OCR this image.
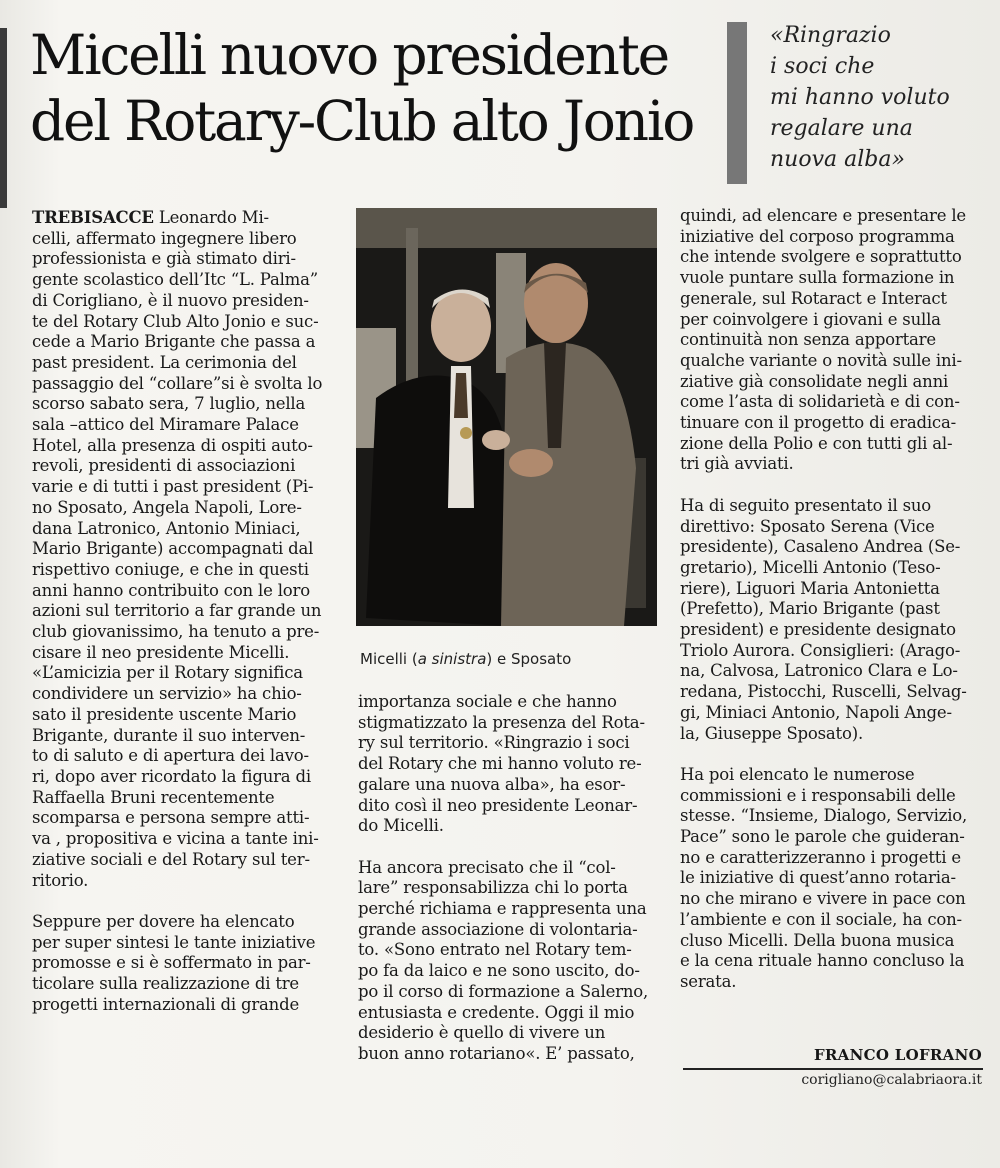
Micelli nuovo presidente
del Rotary-Club alto Jonio
«Ringrazio
i soci che
mi hanno voluto
regalare una
nuova alba»
TREBISACCE Leonardo Mi-
celli, affermato ingegnere libero
professionista e già stimato diri-
gente scolastico dell’Itc “L. Palma”
di Corigliano, è il nuovo presiden-
te del Rotary Club Alto Jonio e suc-
cede a Mario Brigante che passa a
past president. La cerimonia del
passaggio del “collare”si è svolta lo
scorso sabato sera, 7 luglio, nella
sala –attico del Miramare Palace
Hotel, alla presenza di ospiti auto-
revoli, presidenti di associazioni
varie e di tutti i past president (Pi-
no Sposato, Angela Napoli, Lore-
dana Latronico, Antonio Miniaci,
Mario Brigante) accompagnati dal
rispettivo coniuge, e che in questi
anni hanno contribuito con le loro
azioni sul territorio a far grande un
club giovanissimo, ha tenuto a pre-
cisare il neo presidente Micelli.
«L’amicizia per il Rotary significa
condividere un servizio» ha chio-
sato il presidente uscente Mario
Brigante, durante il suo interven-
to di saluto e di apertura dei lavo-
ri, dopo aver ricordato la figura di
Raffaella Bruni recentemente
scomparsa e persona sempre atti-
va , propositiva e vicina a tante ini-
ziative sociali e del Rotary sul ter-
ritorio.
Seppure per dovere ha elencato
per super sintesi le tante iniziative
promosse e si è soffermato in par-
ticolare sulla realizzazione di tre
progetti internazionali di grande
Micelli (a sinistra) e Sposato
importanza sociale e che hanno
stigmatizzato la presenza del Rota-
ry sul territorio. «Ringrazio i soci
del Rotary che mi hanno voluto re-
galare una nuova alba», ha esor-
dito così il neo presidente Leonar-
do Micelli.
Ha ancora precisato che il “col-
lare” responsabilizza chi lo porta
perché richiama e rappresenta una
grande associazione di volontaria-
to. «Sono entrato nel Rotary tem-
po fa da laico e ne sono uscito, do-
po il corso di formazione a Salerno,
entusiasta e credente. Oggi il mio
desiderio è quello di vivere un
buon anno rotariano«. E’ passato,
quindi, ad elencare e presentare le
iniziative del corposo programma
che intende svolgere e soprattutto
vuole puntare sulla formazione in
generale, sul Rotaract e Interact
per coinvolgere i giovani e sulla
continuità non senza apportare
qualche variante o novità sulle ini-
ziative già consolidate negli anni
come l’asta di solidarietà e di con-
tinuare con il progetto di eradica-
zione della Polio e con tutti gli al-
tri già avviati.
Ha di seguito presentato il suo
direttivo: Sposato Serena (Vice
presidente), Casaleno Andrea (Se-
gretario), Micelli Antonio (Teso-
riere), Liguori Maria Antonietta
(Prefetto), Mario Brigante (past
president) e presidente designato
Triolo Aurora. Consiglieri: (Arago-
na, Calvosa, Latronico Clara e Lo-
redana, Pistocchi, Ruscelli, Selvag-
gi, Miniaci Antonio, Napoli Ange-
la, Giuseppe Sposato).
Ha poi elencato le numerose
commissioni e i responsabili delle
stesse. “Insieme, Dialogo, Servizio,
Pace” sono le parole che guideran-
no e caratterizzeranno i progetti e
le iniziative di quest’anno rotaria-
no che mirano e vivere in pace con
l’ambiente e con il sociale, ha con-
cluso Micelli. Della buona musica
e la cena rituale hanno concluso la
serata.
FRANCO LOFRANO
corigliano@calabriaora.it
